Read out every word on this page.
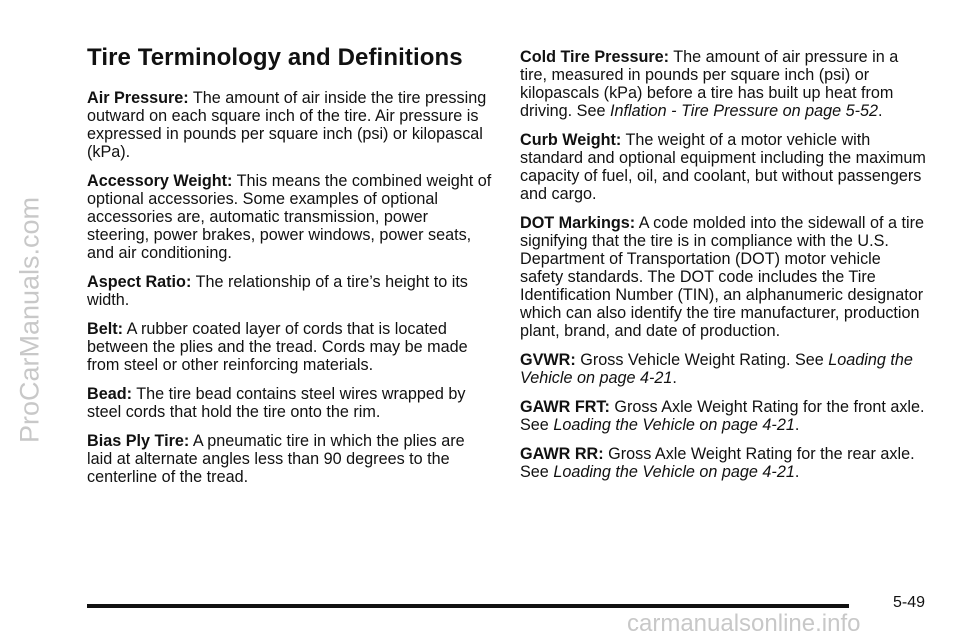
ProCarManuals.com
Tire Terminology and Definitions

Air Pressure: The amount of air inside the tire pressing outward on each square inch of the tire. Air pressure is expressed in pounds per square inch (psi) or kilopascal (kPa).

Accessory Weight: This means the combined weight of optional accessories. Some examples of optional accessories are, automatic transmission, power steering, power brakes, power windows, power seats, and air conditioning.

Aspect Ratio: The relationship of a tire’s height to its width.

Belt: A rubber coated layer of cords that is located between the plies and the tread. Cords may be made from steel or other reinforcing materials.

Bead: The tire bead contains steel wires wrapped by steel cords that hold the tire onto the rim.

Bias Ply Tire: A pneumatic tire in which the plies are laid at alternate angles less than 90 degrees to the centerline of the tread.

Cold Tire Pressure: The amount of air pressure in a tire, measured in pounds per square inch (psi) or kilopascals (kPa) before a tire has built up heat from driving. See Inflation - Tire Pressure on page 5-52.

Curb Weight: The weight of a motor vehicle with standard and optional equipment including the maximum capacity of fuel, oil, and coolant, but without passengers and cargo.

DOT Markings: A code molded into the sidewall of a tire signifying that the tire is in compliance with the U.S. Department of Transportation (DOT) motor vehicle safety standards. The DOT code includes the Tire Identification Number (TIN), an alphanumeric designator which can also identify the tire manufacturer, production plant, brand, and date of production.

GVWR: Gross Vehicle Weight Rating. See Loading the Vehicle on page 4-21.

GAWR FRT: Gross Axle Weight Rating for the front axle. See Loading the Vehicle on page 4-21.

GAWR RR: Gross Axle Weight Rating for the rear axle. See Loading the Vehicle on page 4-21.

5-49
carmanualsonline.info
